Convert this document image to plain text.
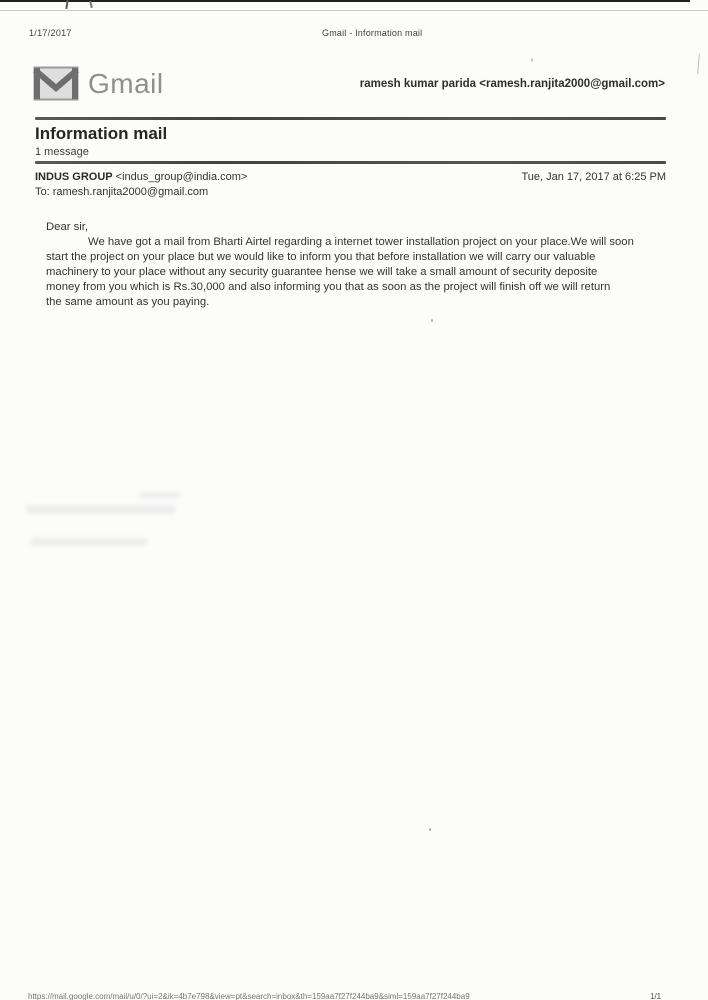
1/17/2017	Gmail - Information mail
Gmail	ramesh kumar parida <ramesh.ranjita2000@gmail.com>
Information mail
1 message
INDUS GROUP <indus_group@india.com>	Tue, Jan 17, 2017 at 6:25 PM
To: ramesh.ranjita2000@gmail.com
Dear sir,
We have got a mail from Bharti Airtel regarding a internet tower installation project on your place.We will soon
start the project on your place but we would like to inform you that before installation we will carry our valuable
machinery to your place without any security guarantee hense we will take a small amount of security deposite
money from you which is Rs.30,000 and also informing you that as soon as the project will finish off we will return
the same amount as you paying.
https://mail.google.com/mail/u/0/?ui=2&ik=4b7e798&view=pt&search=inbox&th=159aa7f27f244ba9&siml=159aa7f27f244ba9	1/1
